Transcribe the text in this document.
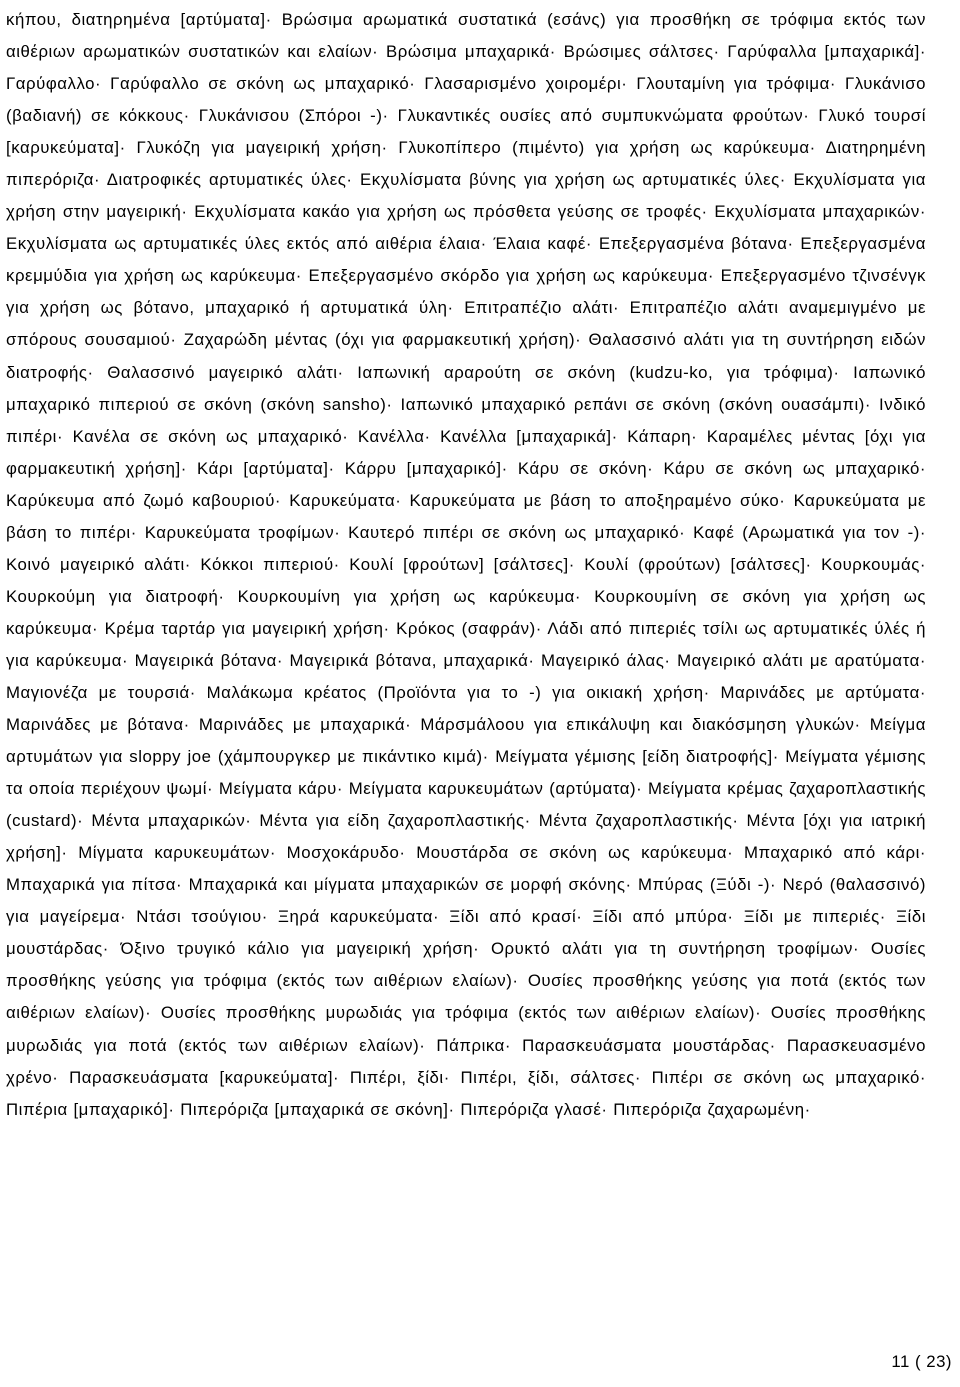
κήπου, διατηρημένα [αρτύματα]· Βρώσιμα αρωματικά συστατικά (εσάνς) για προσθήκη σε τρόφιμα εκτός των αιθέριων αρωματικών συστατικών και ελαίων· Βρώσιμα μπαχαρικά· Βρώσιμες σάλτσες· Γαρύφαλλα [μπαχαρικά]· Γαρύφαλλο· Γαρύφαλλο σε σκόνη ως μπαχαρικό· Γλασαρισμένο χοιρομέρι· Γλουταμίνη για τρόφιμα· Γλυκάνισο (βαδιανή) σε κόκκους· Γλυκάνισου (Σπόροι -)· Γλυκαντικές ουσίες από συμπυκνώματα φρούτων· Γλυκό τουρσί [καρυκεύματα]· Γλυκόζη για μαγειρική χρήση· Γλυκοπίπερο (πιμέντο) για χρήση ως καρύκευμα· Διατηρημένη πιπερόριζα· Διατροφικές αρτυματικές ύλες· Εκχυλίσματα βύνης για χρήση ως αρτυματικές ύλες· Εκχυλίσματα για χρήση στην μαγειρική· Εκχυλίσματα κακάο για χρήση ως πρόσθετα γεύσης σε τροφές· Εκχυλίσματα μπαχαρικών· Εκχυλίσματα ως αρτυματικές ύλες εκτός από αιθέρια έλαια· Έλαια καφέ· Επεξεργασμένα βότανα· Επεξεργασμένα κρεμμύδια για χρήση ως καρύκευμα· Επεξεργασμένο σκόρδο για χρήση ως καρύκευμα· Επεξεργασμένο τζινσένγκ για χρήση ως βότανο, μπαχαρικό ή αρτυματικά ύλη· Επιτραπέζιο αλάτι· Επιτραπέζιο αλάτι αναμεμιγμένο με σπόρους σουσαμιού· Ζαχαρώδη μέντας (όχι για φαρμακευτική χρήση)· Θαλασσινό αλάτι για τη συντήρηση ειδών διατροφής· Θαλασσινό μαγειρικό αλάτι· Ιαπωνική αραρούτη σε σκόνη (kudzu-ko, για τρόφιμα)· Ιαπωνικό μπαχαρικό πιπεριού σε σκόνη (σκόνη sansho)· Ιαπωνικό μπαχαρικό ρεπάνι σε σκόνη (σκόνη ουασάμπι)· Ινδικό πιπέρι· Κανέλα σε σκόνη ως μπαχαρικό· Κανέλλα· Κανέλλα [μπαχαρικά]· Κάπαρη· Καραμέλες μέντας [όχι για φαρμακευτική χρήση]· Κάρι [αρτύματα]· Κάρρυ [μπαχαρικό]· Κάρυ σε σκόνη· Κάρυ σε σκόνη ως μπαχαρικό· Καρύκευμα από ζωμό καβουριού· Καρυκεύματα· Καρυκεύματα με βάση το αποξηραμένο σύκο· Καρυκεύματα με βάση το πιπέρι· Καρυκεύματα τροφίμων· Καυτερό πιπέρι σε σκόνη ως μπαχαρικό· Καφέ (Αρωματικά για τον -)· Κοινό μαγειρικό αλάτι· Κόκκοι πιπεριού· Κουλί [φρούτων] [σάλτσες]· Κουλί (φρούτων) [σάλτσες]· Κουρκουμάς· Κουρκούμη για διατροφή· Κουρκουμίνη για χρήση ως καρύκευμα· Κουρκουμίνη σε σκόνη για χρήση ως καρύκευμα· Κρέμα ταρτάρ για μαγειρική χρήση· Κρόκος (σαφράν)· Λάδι από πιπεριές τσίλι ως αρτυματικές ύλές ή για καρύκευμα· Μαγειρικά βότανα· Μαγειρικά βότανα, μπαχαρικά· Μαγειρικό άλας· Μαγειρικό αλάτι με αρατύματα· Μαγιονέζα με τουρσιά· Μαλάκωμα κρέατος (Προϊόντα για το -) για οικιακή χρήση· Μαρινάδες με αρτύματα· Μαρινάδες με βότανα· Μαρινάδες με μπαχαρικά· Μάρσμάλοου για επικάλυψη και διακόσμηση γλυκών· Μείγμα αρτυμάτων για sloppy joe (χάμπουργκερ με πικάντικο κιμά)· Μείγματα γέμισης [είδη διατροφής]· Μείγματα γέμισης τα οποία περιέχουν ψωμί· Μείγματα κάρυ· Μείγματα καρυκευμάτων (αρτύματα)· Μείγματα κρέμας ζαχαροπλαστικής (custard)· Μέντα μπαχαρικών· Μέντα για είδη ζαχαροπλαστικής· Μέντα ζαχαροπλαστικής· Μέντα [όχι για ιατρική χρήση]· Μίγματα καρυκευμάτων· Μοσχοκάρυδο· Μουστάρδα σε σκόνη ως καρύκευμα· Μπαχαρικό από κάρι· Μπαχαρικά για πίτσα· Μπαχαρικά και μίγματα μπαχαρικών σε μορφή σκόνης· Μπύρας (Ξύδι -)· Νερό (θαλασσινό) για μαγείρεμα· Ντάσι τσούγιου· Ξηρά καρυκεύματα· Ξίδι από κρασί· Ξίδι από μπύρα· Ξίδι με πιπεριές· Ξίδι μουστάρδας· Όξινο τρυγικό κάλιο για μαγειρική χρήση· Ορυκτό αλάτι για τη συντήρηση τροφίμων· Ουσίες προσθήκης γεύσης για τρόφιμα (εκτός των αιθέριων ελαίων)· Ουσίες προσθήκης γεύσης για ποτά (εκτός των αιθέριων ελαίων)· Ουσίες προσθήκης μυρωδιάς για τρόφιμα (εκτός των αιθέριων ελαίων)· Ουσίες προσθήκης μυρωδιάς για ποτά (εκτός των αιθέριων ελαίων)· Πάπρικα· Παρασκευάσματα μουστάρδας· Παρασκευασμένο χρένο· Παρασκευάσματα [καρυκεύματα]· Πιπέρι, ξίδι· Πιπέρι, ξίδι, σάλτσες· Πιπέρι σε σκόνη ως μπαχαρικό· Πιπέρια [μπαχαρικό]· Πιπερόριζα [μπαχαρικά σε σκόνη]· Πιπερόριζα γλασέ· Πιπερόριζα ζαχαρωμένη·

11 ( 23)
